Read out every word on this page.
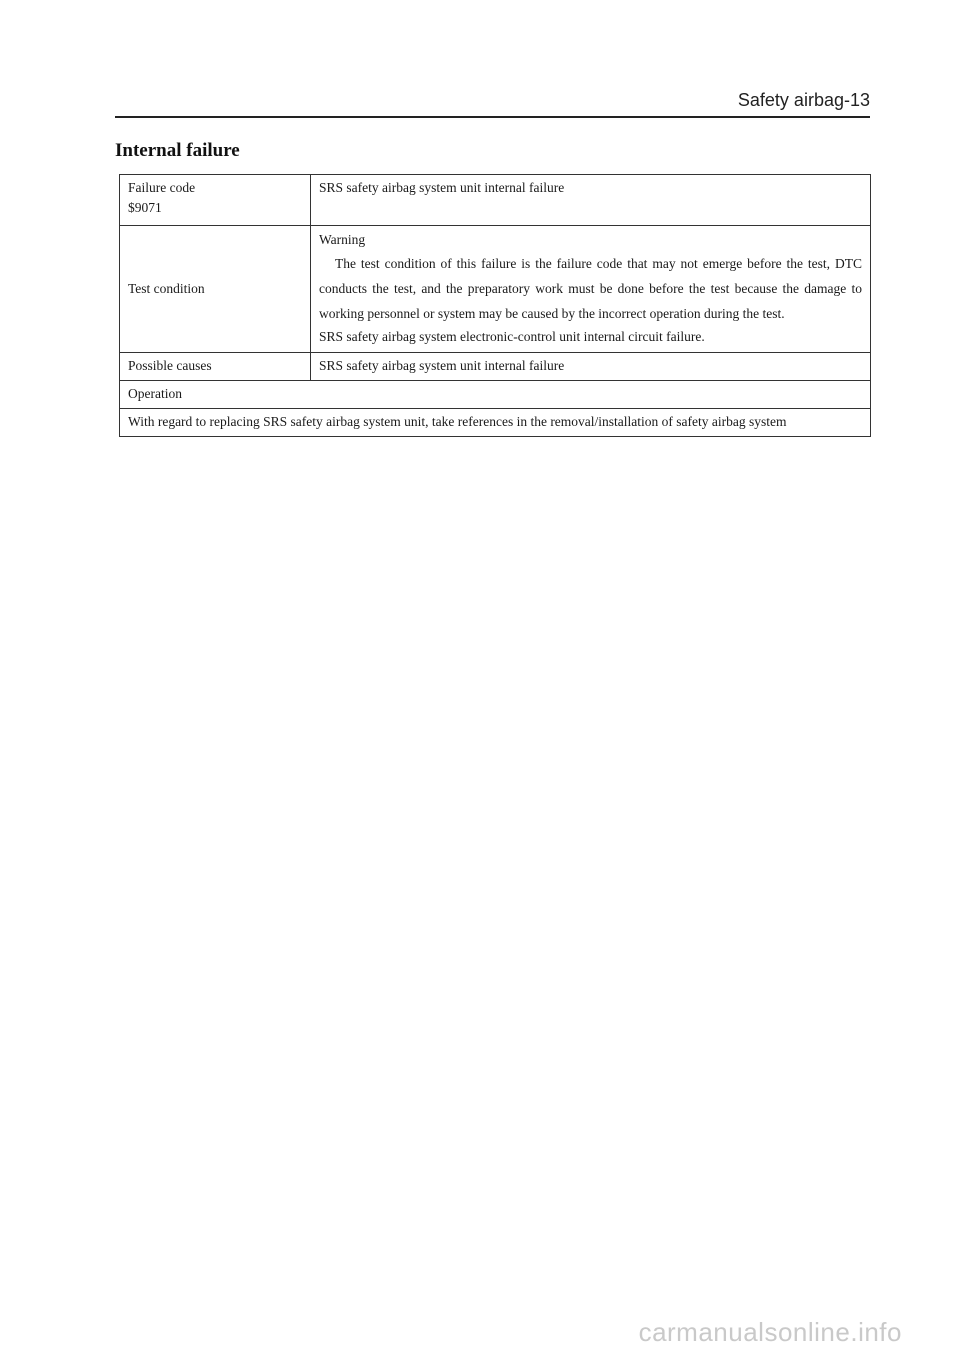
Safety airbag-13
Internal failure
Failure code
$9071	SRS safety airbag system unit internal failure
Test condition	Warning
The test condition of this failure is the failure code that may not emerge before the test, DTC conducts the test, and the preparatory work must be done before the test because the damage to working personnel or system may be caused by the incorrect operation during the test.
SRS safety airbag system electronic-control unit internal circuit failure.

Possible causes	SRS safety airbag system unit internal failure
Operation	
With regard to replacing SRS safety airbag system unit, take references in the removal/installation of safety airbag system	
carmanualsonline.info
